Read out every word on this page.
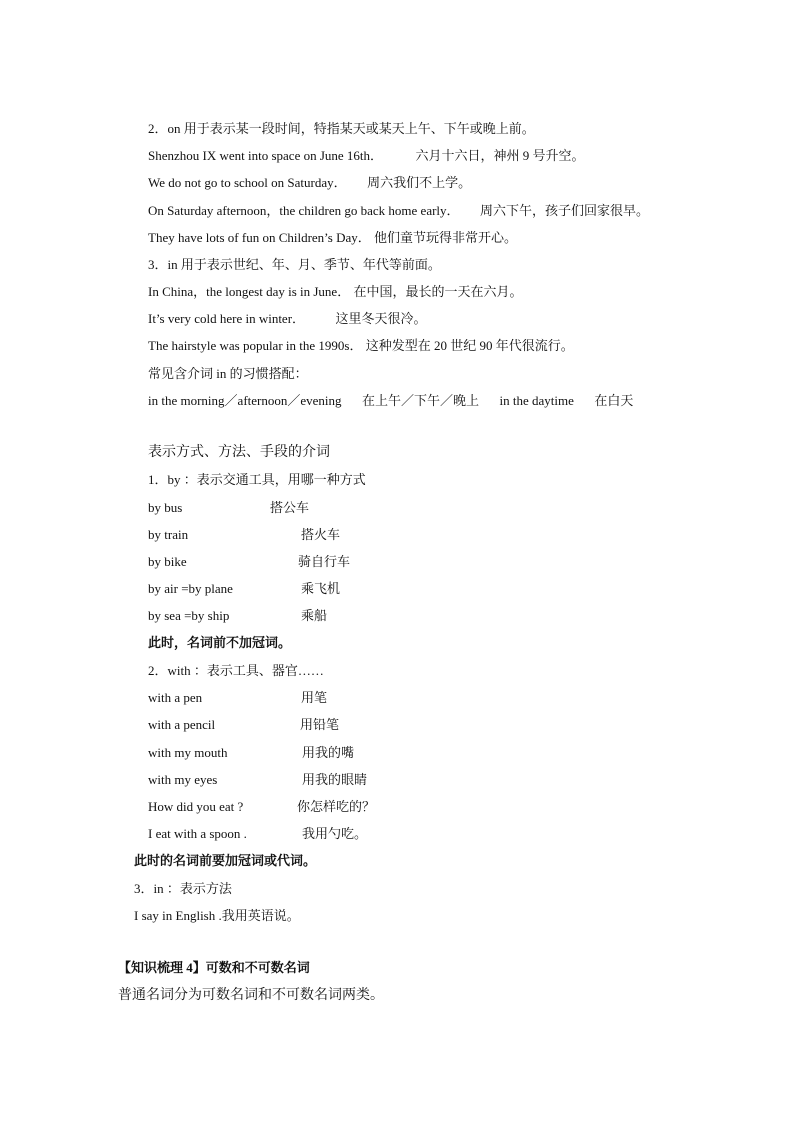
2．on 用于表示某一段时间，特指某天或某天上午、下午或晚上前。
Shenzhou IX went into space on June 16th．	六月十六日，神州 9 号升空。
We do not go to school on Saturday． 周六我们不上学。
On Saturday afternoon，the children go back home early． 周六下午，孩子们回家很早。
They have lots of fun on Children’s Day． 他们童节玩得非常开心。
3．in 用于表示世纪、年、月、季节、年代等前面。
In China，the longest day is in June． 在中国，最长的一天在六月。
It’s very cold here in winter． 这里冬天很冷。
The hairstyle was popular in the 1990s． 这种发型在 20 世纪 90 年代很流行。
常见含介词 in 的习惯搭配：
in the morning／afternoon／evening 在上午／下午／晚上 in the daytime 在白天
表示方式、方法、手段的介词
1．by ：表示交通工具，用哪一种方式
by bus	搭公车
by train	搭火车
by bike	骑自行车
by air =by plane	乘飞机
by sea =by ship	乘船
此时，名词前不加冠词。
2．with ：表示工具、器官……
with a pen	用笔
with a pencil	用铅笔
with my mouth	用我的嘴
with my eyes	用我的眼睛
How did you eat ?	你怎样吃的？
I eat with a spoon .	我用勺吃。
此时的名词前要加冠词或代词。
3．in ：表示方法
I say in English .我用英语说。
【知识梳理 4】可数和不可数名词
普通名词分为可数名词和不可数名词两类。
